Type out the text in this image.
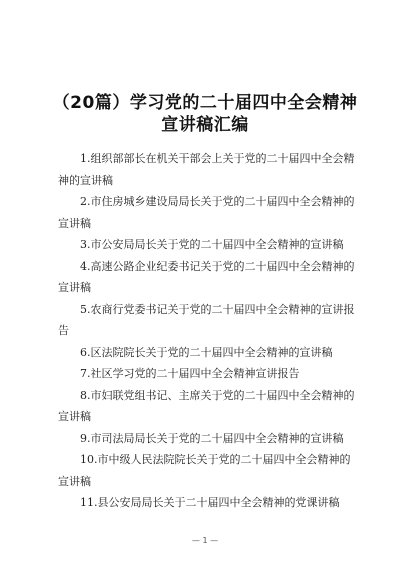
（20篇）学习党的二十届四中全会精神
宣讲稿汇编

1.组织部部长在机关干部会上关于党的二十届四中全会精神的宣讲稿

2.市住房城乡建设局局长关于党的二十届四中全会精神的宣讲稿

3.市公安局局长关于党的二十届四中全会精神的宣讲稿

4.高速公路企业纪委书记关于党的二十届四中全会精神的宣讲稿

5.农商行党委书记关于党的二十届四中全会精神的宣讲报告

6.区法院院长关于党的二十届四中全会精神的宣讲稿

7.社区学习党的二十届四中全会精神宣讲报告

8.市妇联党组书记、主席关于党的二十届四中全会精神的宣讲稿

9.市司法局局长关于党的二十届四中全会精神的宣讲稿

10.市中级人民法院院长关于党的二十届四中全会精神的宣讲稿

11.县公安局局长关于二十届四中全会精神的党课讲稿

— 1 —
